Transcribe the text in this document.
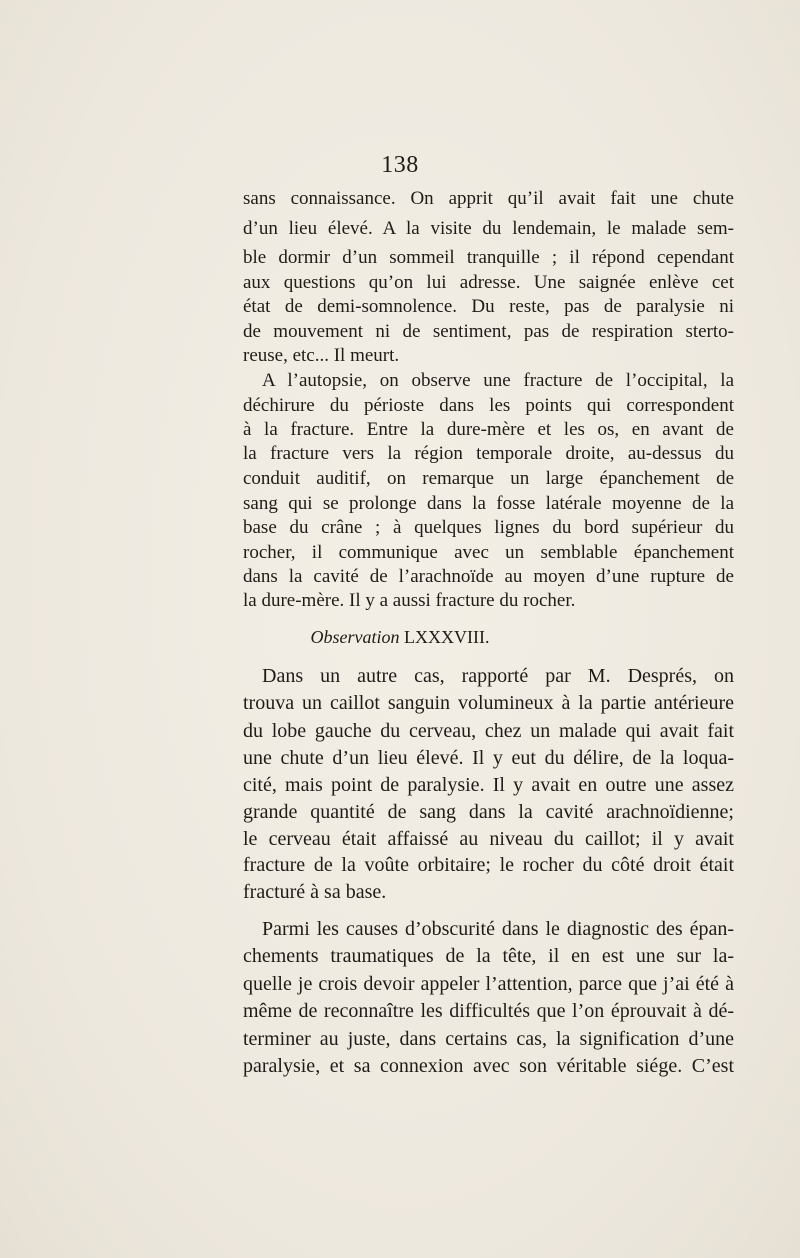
138
sans connaissance. On apprit qu’il avait fait une chute
d’un lieu élevé. A la visite du lendemain, le malade sem-
ble dormir d’un sommeil tranquille ; il répond cependant
aux questions qu’on lui adresse. Une saignée enlève cet
état de demi-somnolence. Du reste, pas de paralysie ni
de mouvement ni de sentiment, pas de respiration sterto-
reuse, etc... Il meurt.
A l’autopsie, on observe une fracture de l’occipital, la
déchirure du périoste dans les points qui correspondent
à la fracture. Entre la dure-mère et les os, en avant de
la fracture vers la région temporale droite, au-dessus du
conduit auditif, on remarque un large épanchement de
sang qui se prolonge dans la fosse latérale moyenne de la
base du crâne ; à quelques lignes du bord supérieur du
rocher, il communique avec un semblable épanchement
dans la cavité de l’arachnoïde au moyen d’une rupture de
la dure-mère. Il y a aussi fracture du rocher.
Observation LXXXVIII.
Dans un autre cas, rapporté par M. Després, on
trouva un caillot sanguin volumineux à la partie antérieure
du lobe gauche du cerveau, chez un malade qui avait fait
une chute d’un lieu élevé. Il y eut du délire, de la loqua-
cité, mais point de paralysie. Il y avait en outre une assez
grande quantité de sang dans la cavité arachnoïdienne;
le cerveau était affaissé au niveau du caillot; il y avait
fracture de la voûte orbitaire; le rocher du côté droit était
fracturé à sa base.
Parmi les causes d’obscurité dans le diagnostic des épan-
chements traumatiques de la tête, il en est une sur la-
quelle je crois devoir appeler l’attention, parce que j’ai été à
même de reconnaître les difficultés que l’on éprouvait à dé-
terminer au juste, dans certains cas, la signification d’une
paralysie, et sa connexion avec son véritable siége. C’est
